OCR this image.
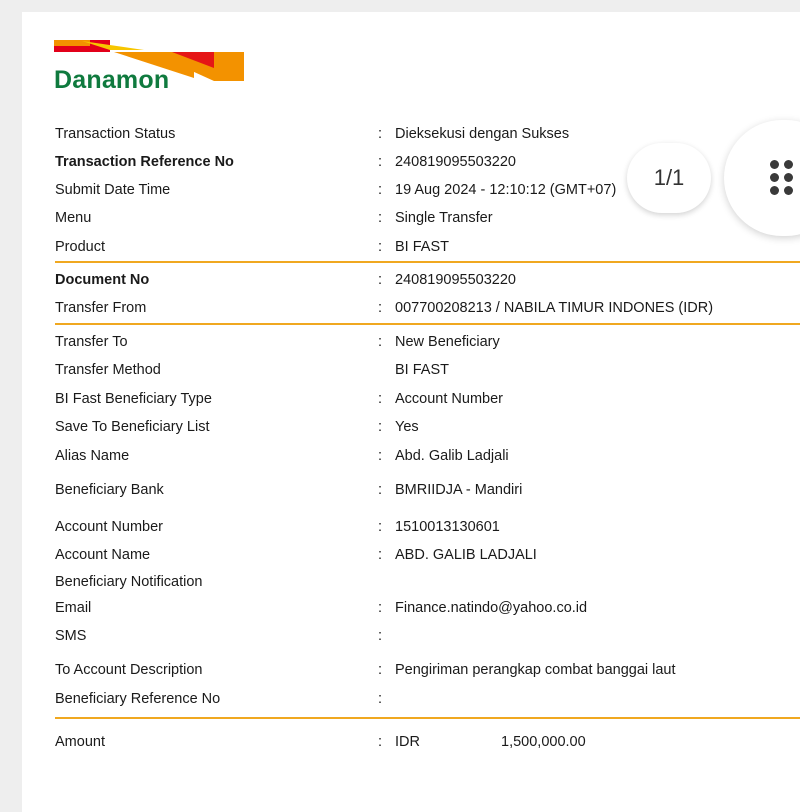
Danamon
Transaction Status	: Dieksekusi dengan Sukses
Transaction Reference No	: 240819095503220
Submit Date Time	: 19 Aug 2024 - 12:10:12 (GMT+07)
Menu	: Single Transfer
Product	: BI FAST
Document No	: 240819095503220
Transfer From	: 007700208213 / NABILA TIMUR INDONES (IDR)
Transfer To	: New Beneficiary
Transfer Method	BI FAST
BI Fast Beneficiary Type	: Account Number
Save To Beneficiary List	: Yes
Alias Name	: Abd. Galib Ladjali
Beneficiary Bank	: BMRIIDJA - Mandiri
Account Number	: 1510013130601
Account Name	: ABD. GALIB LADJALI
Beneficiary Notification
Email	: Finance.natindo@yahoo.co.id
SMS	:
To Account Description	: Pengiriman perangkap combat banggai laut
Beneficiary Reference No	:
Amount	: IDR	1,500,000.00
1/1
